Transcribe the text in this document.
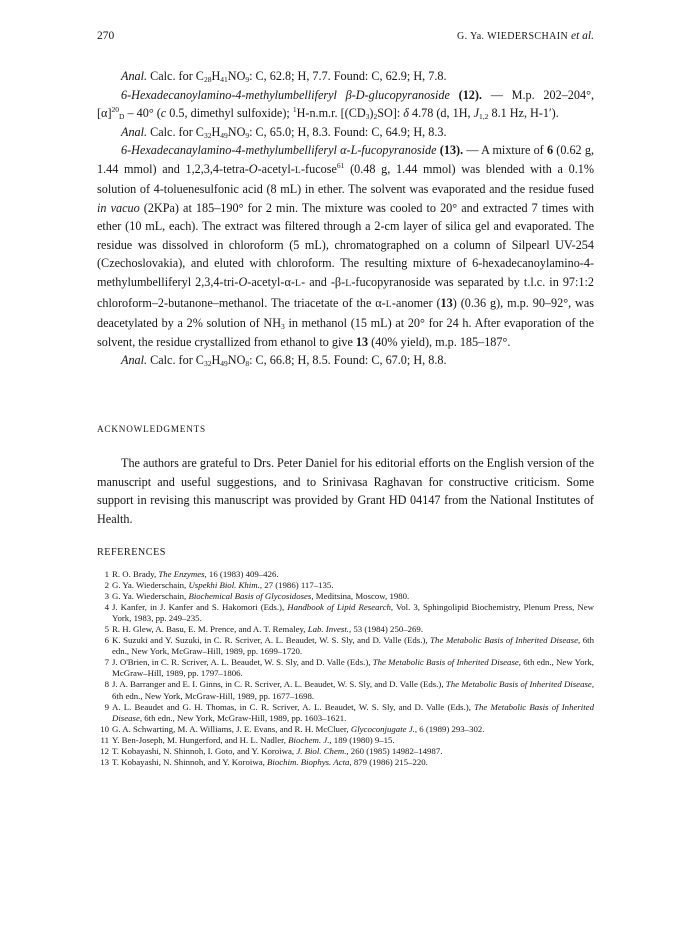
270	G. Ya. WIEDERSCHAIN et al.

Anal. Calc. for $C_{28}H_{41}NO_9$: C, 62.8; H, 7.7. Found: C, 62.9; H, 7.8.

6-Hexadecanoylamino-4-methylumbelliferyl β-D-glucopyranoside (12). — M.p. 202–204°, $[\alpha]^{20}_D - 40^\circ$ (c 0.5, dimethyl sulfoxide); $^1$H-n.m.r. $[(CD_3)_2SO]$: δ 4.78 (d, 1H, $J_{1,2}$ 8.1 Hz, H-1′).

Anal. Calc. for $C_{32}H_{49}NO_9$: C, 65.0; H, 8.3. Found: C, 64.9; H, 8.3.

6-Hexadecanaylamino-4-methylumbelliferyl α-L-fucopyranoside (13). — A mixture of 6 (0.62 g, 1.44 mmol) and 1,2,3,4-tetra-O-acetyl-L-fucose$^{61}$ (0.48 g, 1.44 mmol) was blended with a 0.1% solution of 4-toluenesulfonic acid (8 mL) in ether. The solvent was evaporated and the residue fused in vacuo (2KPa) at 185–190° for 2 min. The mixture was cooled to 20° and extracted 7 times with ether (10 mL, each). The extract was filtered through a 2-cm layer of silica gel and evaporated. The residue was dissolved in chloroform (5 mL), chromatographed on a column of Silpearl UV-254 (Czechoslovakia), and eluted with chloroform. The resulting mixture of 6-hexadecanoylamino-4-methylumbelliferyl 2,3,4-tri-O-acetyl-α-L- and -β-L-fucopyranoside was separated by t.l.c. in 97:1:2 chloroform–2-butanone–methanol. The triacetate of the α-L-anomer (13) (0.36 g), m.p. 90–92°, was deacetylated by a 2% solution of $NH_3$ in methanol (15 mL) at 20° for 24 h. After evaporation of the solvent, the residue crystallized from ethanol to give 13 (40% yield), m.p. 185–187°.

Anal. Calc. for $C_{32}H_{49}NO_8$: C, 66.8; H, 8.5. Found: C, 67.0; H, 8.8.

ACKNOWLEDGMENTS

The authors are grateful to Drs. Peter Daniel for his editorial efforts on the English version of the manuscript and useful suggestions, and to Srinivasa Raghavan for constructive criticism. Some support in revising this manuscript was provided by Grant HD 04147 from the National Institutes of Health.

REFERENCES
1 R. O. Brady, The Enzymes, 16 (1983) 409–426.
2 G. Ya. Wiederschain, Uspekhi Biol. Khim., 27 (1986) 117–135.
3 G. Ya. Wiederschain, Biochemical Basis of Glycosidoses, Meditsina, Moscow, 1980.
4 J. Kanfer, in J. Kanfer and S. Hakomori (Eds.), Handbook of Lipid Research, Vol. 3, Sphingolipid Biochemistry, Plenum Press, New York, 1983, pp. 249–235.
5 R. H. Glew, A. Basu, E. M. Prence, and A. T. Remaley, Lab. Invest., 53 (1984) 250–269.
6 K. Suzuki and Y. Suzuki, in C. R. Scriver, A. L. Beaudet, W. S. Sly, and D. Valle (Eds.), The Metabolic Basis of Inherited Disease, 6th edn., New York, McGraw–Hill, 1989, pp. 1699–1720.
7 J. O'Brien, in C. R. Scriver, A. L. Beaudet, W. S. Sly, and D. Valle (Eds.), The Metabolic Basis of Inherited Disease, 6th edn., New York, McGraw–Hill, 1989, pp. 1797–1806.
8 J. A. Barranger and E. I. Ginns, in C. R. Scriver, A. L. Beaudet, W. S. Sly, and D. Valle (Eds.), The Metabolic Basis of Inherited Disease, 6th edn., New York, McGraw-Hill, 1989, pp. 1677–1698.
9 A. L. Beaudet and G. H. Thomas, in C. R. Scriver, A. L. Beaudet, W. S. Sly, and D. Valle (Eds.), The Metabolic Basis of Inherited Disease, 6th edn., New York, McGraw-Hill, 1989, pp. 1603–1621.
10 G. A. Schwarting, M. A. Williams, J. E. Evans, and R. H. McCluer, Glycoconjugate J., 6 (1989) 293–302.
11 Y. Ben-Joseph, M. Hungerford, and H. L. Nadler, Biochem. J., 189 (1980) 9–15.
12 T. Kobayashi, N. Shinnoh, I. Goto, and Y. Koroiwa, J. Biol. Chem., 260 (1985) 14982–14987.
13 T. Kobayashi, N. Shinnoh, and Y. Koroiwa, Biochim. Biophys. Acta, 879 (1986) 215–220.
